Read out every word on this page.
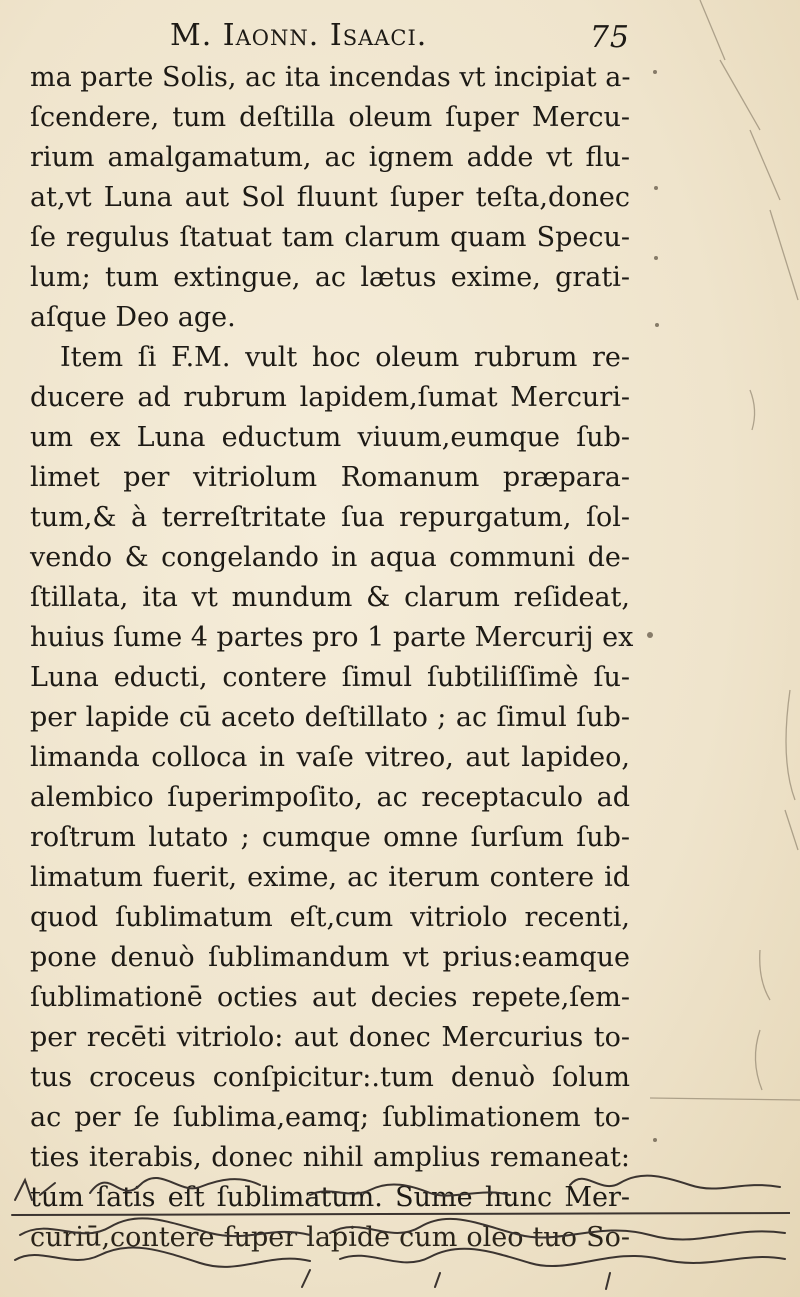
M. Iaonn. Isaaci.	75
ma parte Solis, ac ita incendas vt incipiat a-
ſcendere, tum deſtilla oleum ſuper Mercu-
rium amalgamatum, ac ignem adde vt flu-
at,vt Luna aut Sol fluunt ſuper teſta,donec
ſe regulus ſtatuat tam clarum quam Specu-
lum; tum extingue, ac lætus exime, grati-
aſque Deo age.
Item ſi F.M. vult hoc oleum rubrum re-
ducere ad rubrum lapidem,ſumat Mercuri-
um ex Luna eductum viuum,eumque ſub-
limet per vitriolum Romanum præpara-
tum,& à terreſtritate ſua repurgatum, ſol-
vendo & congelando in aqua communi de-
ſtillata, ita vt mundum & clarum reſideat,
huius ſume 4 partes pro 1 parte Mercurij ex
Luna educti, contere ſimul ſubtiliſſimè ſu-
per lapide cū aceto deſtillato ; ac ſimul ſub-
limanda colloca in vaſe vitreo, aut lapideo,
alembico ſuperimpoſito, ac receptaculo ad
roſtrum lutato ; cumque omne ſurſum ſub-
limatum fuerit, exime, ac iterum contere id
quod ſublimatum eſt,cum vitriolo recenti,
pone denuò ſublimandum vt prius:eamque
ſublimationē octies aut decies repete,ſem-
per recēti vitriolo: aut donec Mercurius to-
tus croceus conſpicitur:.tum denuò ſolum
ac per ſe ſublima,eamq; ſublimationem to-
ties iterabis, donec nihil amplius remaneat:
tum ſatis eſt ſublimatum. Sume hunc Mer-
curiū,contere ſuper lapide cum oleo tuo So-
